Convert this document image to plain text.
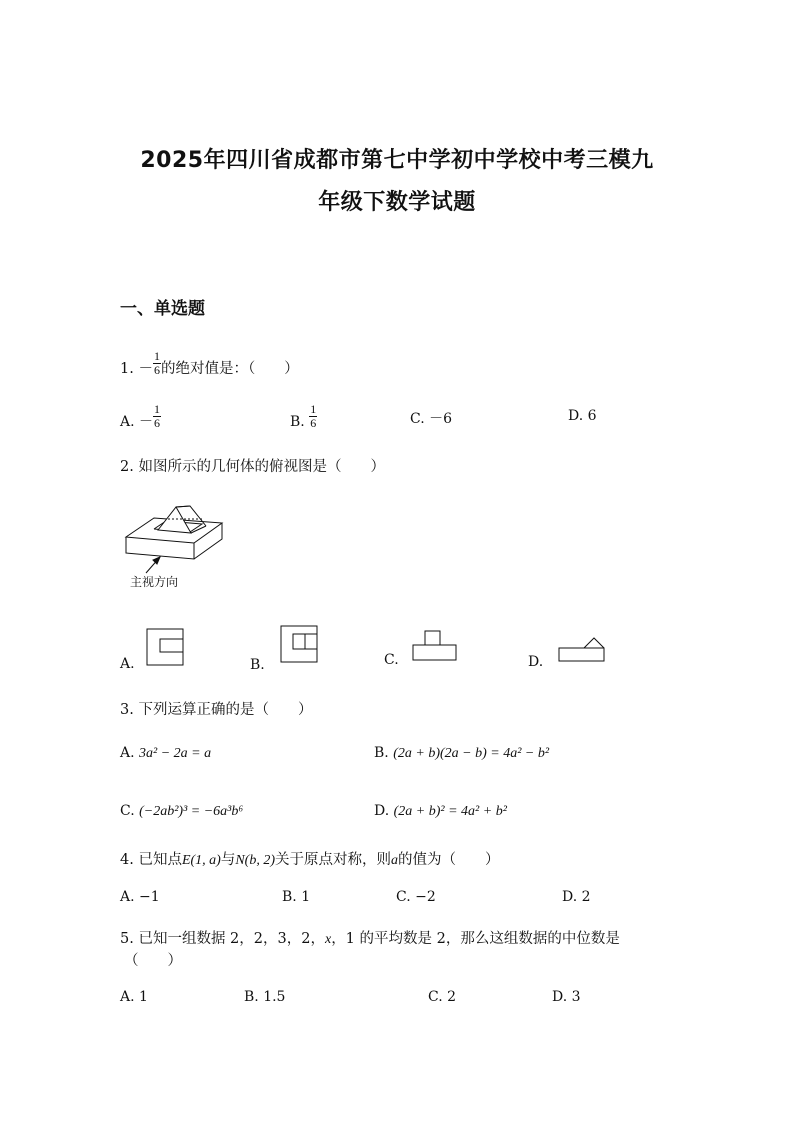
2025年四川省成都市第七中学初中学校中考三模九
年级下数学试题
一、单选题
1. － $\frac{1}{6}$ 的绝对值是：（　　）
A. － $\frac{1}{6}$	B. $\frac{1}{6}$	C. －6	D. 6
2. 如图所示的几何体的俯视图是（　　）
主视方向
A.	B.	C.	D.
3. 下列运算正确的是（　　）
A. 3a² − 2a = a	B. (2a + b)(2a − b) = 4a² − b²
C. (−2ab²)³ = −6a³b⁶	D. (2a + b)² = 4a² + b²
4. 已知点E(1, a)与N(b, 2)关于原点对称，则a的值为（　　）
A. −1	B. 1	C. −2	D. 2
5. 已知一组数据 2，2，3，2，x，1 的平均数是 2，那么这组数据的中位数是
（　　）
A. 1	B. 1.5	C. 2	D. 3
